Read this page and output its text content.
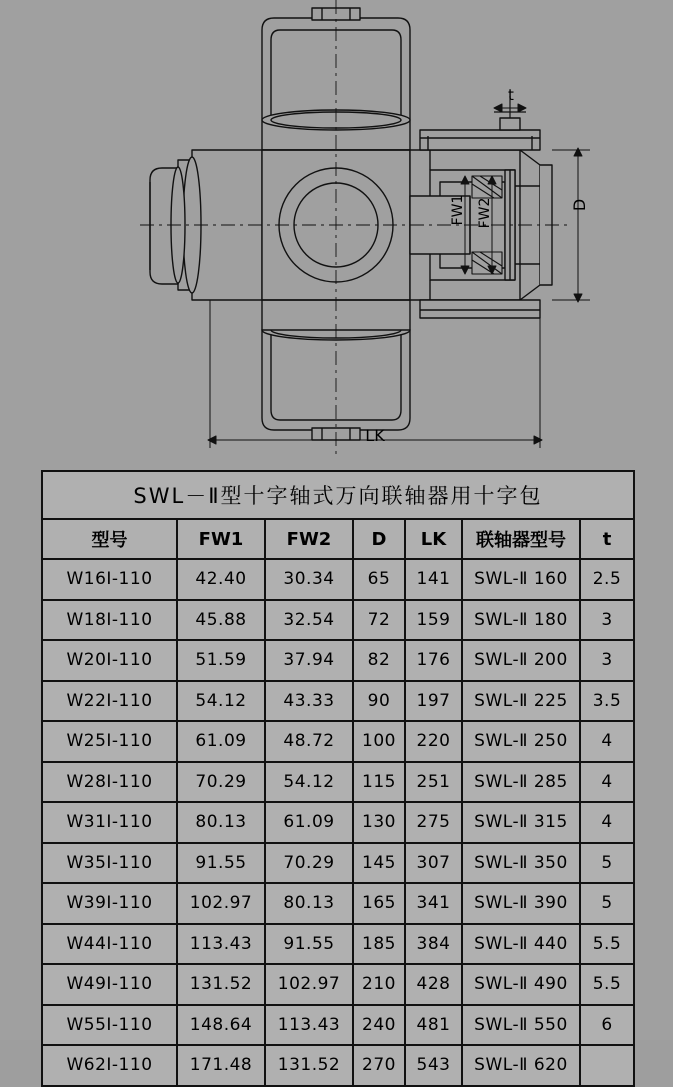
t
D
LK
FW1 FW2
SWL－Ⅱ型十字轴式万向联轴器用十字包						
型号	FW1	FW2	D	LK	联轴器型号	t
W16Ⅰ-110	42.40	30.34	65	141	SWL-Ⅱ 160	2.5
W18Ⅰ-110	45.88	32.54	72	159	SWL-Ⅱ 180	3
W20Ⅰ-110	51.59	37.94	82	176	SWL-Ⅱ 200	3
W22Ⅰ-110	54.12	43.33	90	197	SWL-Ⅱ 225	3.5
W25Ⅰ-110	61.09	48.72	100	220	SWL-Ⅱ 250	4
W28Ⅰ-110	70.29	54.12	115	251	SWL-Ⅱ 285	4
W31Ⅰ-110	80.13	61.09	130	275	SWL-Ⅱ 315	4
W35Ⅰ-110	91.55	70.29	145	307	SWL-Ⅱ 350	5
W39Ⅰ-110	102.97	80.13	165	341	SWL-Ⅱ 390	5
W44Ⅰ-110	113.43	91.55	185	384	SWL-Ⅱ 440	5.5
W49Ⅰ-110	131.52	102.97	210	428	SWL-Ⅱ 490	5.5
W55Ⅰ-110	148.64	113.43	240	481	SWL-Ⅱ 550	6
W62Ⅰ-110	171.48	131.52	270	543	SWL-Ⅱ 620	
